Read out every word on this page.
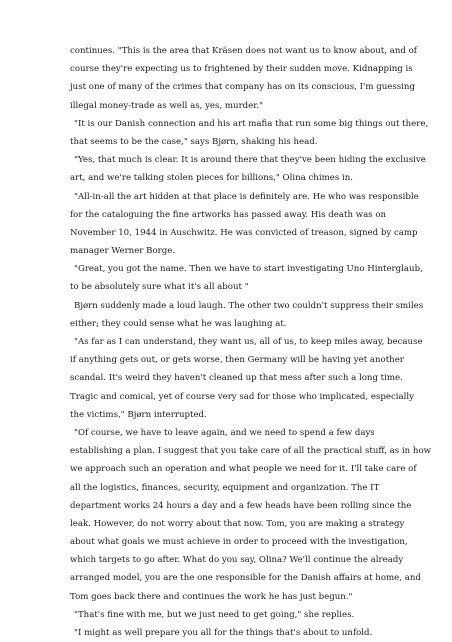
continues. "This is the area that Kräsen does not want us to know about, and of
course they're expecting us to frightened by their sudden move. Kidnapping is
just one of many of the crimes that company has on its conscious, I'm guessing
illegal money-trade as well as, yes, murder."
"It is our Danish connection and his art mafia that run some big things out there,
that seems to be the case," says Bjørn, shaking his head.
"Yes, that much is clear. It is around there that they've been hiding the exclusive
art, and we're talking stolen pieces for billions," Olina chimes in.
"All-in-all the art hidden at that place is definitely are. He who was responsible
for the cataloguing the fine artworks has passed away. His death was on
November 10, 1944 in Auschwitz. He was convicted of treason, signed by camp
manager Werner Borge.
"Great, you got the name. Then we have to start investigating Uno Hinterglaub,
to be absolutely sure what it's all about "
Bjørn suddenly made a loud laugh. The other two couldn't suppress their smiles
either; they could sense what he was laughing at.
"As far as I can understand, they want us, all of us, to keep miles away, because
if anything gets out, or gets worse, then Germany will be having yet another
scandal. It's weird they haven't cleaned up that mess after such a long time.
Tragic and comical, yet of course very sad for those who implicated, especially
the victims," Bjørn interrupted.
"Of course, we have to leave again, and we need to spend a few days
establishing a plan. I suggest that you take care of all the practical stuff, as in how
we approach such an operation and what people we need for it. I'll take care of
all the logistics, finances, security, equipment and organization. The IT
department works 24 hours a day and a few heads have been rolling since the
leak. However, do not worry about that now. Tom, you are making a strategy
about what goals we must achieve in order to proceed with the investigation,
which targets to go after. What do you say, Olina? We'll continue the already
arranged model, you are the one responsible for the Danish affairs at home, and
Tom goes back there and continues the work he has just begun."
"That's fine with me, but we just need to get going," she replies.
"I might as well prepare you all for the things that's about to unfold.
